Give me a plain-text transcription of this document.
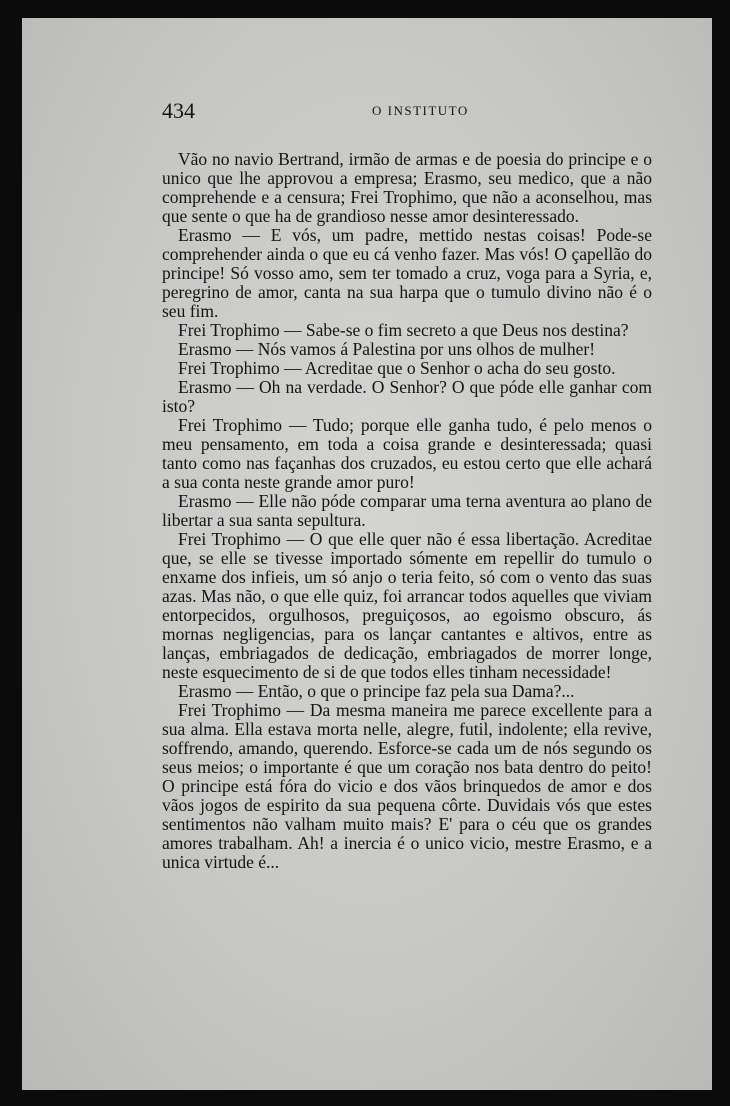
434	O INSTITUTO

Vão no navio Bertrand, irmão de armas e de poesia do principe e o unico que lhe approvou a empresa; Erasmo, seu medico, que a não comprehende e a censura; Frei Trophimo, que não a aconselhou, mas que sente o que ha de grandioso nesse amor desinteressado.

Erasmo — E vós, um padre, mettido nestas coisas! Pode-se comprehender ainda o que eu cá venho fazer. Mas vós! O çapellão do principe! Só vosso amo, sem ter tomado a cruz, voga para a Syria, e, peregrino de amor, canta na sua harpa que o tumulo divino não é o seu fim.

Frei Trophimo — Sabe-se o fim secreto a que Deus nos destina?

Erasmo — Nós vamos á Palestina por uns olhos de mulher!

Frei Trophimo — Acreditae que o Senhor o acha do seu gosto.

Erasmo — Oh na verdade. O Senhor? O que póde elle ganhar com isto?

Frei Trophimo — Tudo; porque elle ganha tudo, é pelo menos o meu pensamento, em toda a coisa grande e desinteressada; quasi tanto como nas façanhas dos cruzados, eu estou certo que elle achará a sua conta neste grande amor puro!

Erasmo — Elle não póde comparar uma terna aventura ao plano de libertar a sua santa sepultura.

Frei Trophimo — O que elle quer não é essa libertação. Acreditae que, se elle se tivesse importado sómente em repellir do tumulo o enxame dos infieis, um só anjo o teria feito, só com o vento das suas azas. Mas não, o que elle quiz, foi arrancar todos aquelles que viviam entorpecidos, orgulhosos, preguiçosos, ao egoismo obscuro, ás mornas negligencias, para os lançar cantantes e altivos, entre as lanças, embriagados de dedicação, embriagados de morrer longe, neste esquecimento de si de que todos elles tinham necessidade!

Erasmo — Então, o que o principe faz pela sua Dama?...

Frei Trophimo — Da mesma maneira me parece excellente para a sua alma. Ella estava morta nelle, alegre, futil, indolente; ella revive, soffrendo, amando, querendo. Esforce-se cada um de nós segundo os seus meios; o importante é que um coração nos bata dentro do peito! O principe está fóra do vicio e dos vãos brinquedos de amor e dos vãos jogos de espirito da sua pequena côrte. Duvidais vós que estes sentimentos não valham muito mais? E' para o céu que os grandes amores trabalham. Ah! a inercia é o unico vicio, mestre Erasmo, e a unica virtude é...
